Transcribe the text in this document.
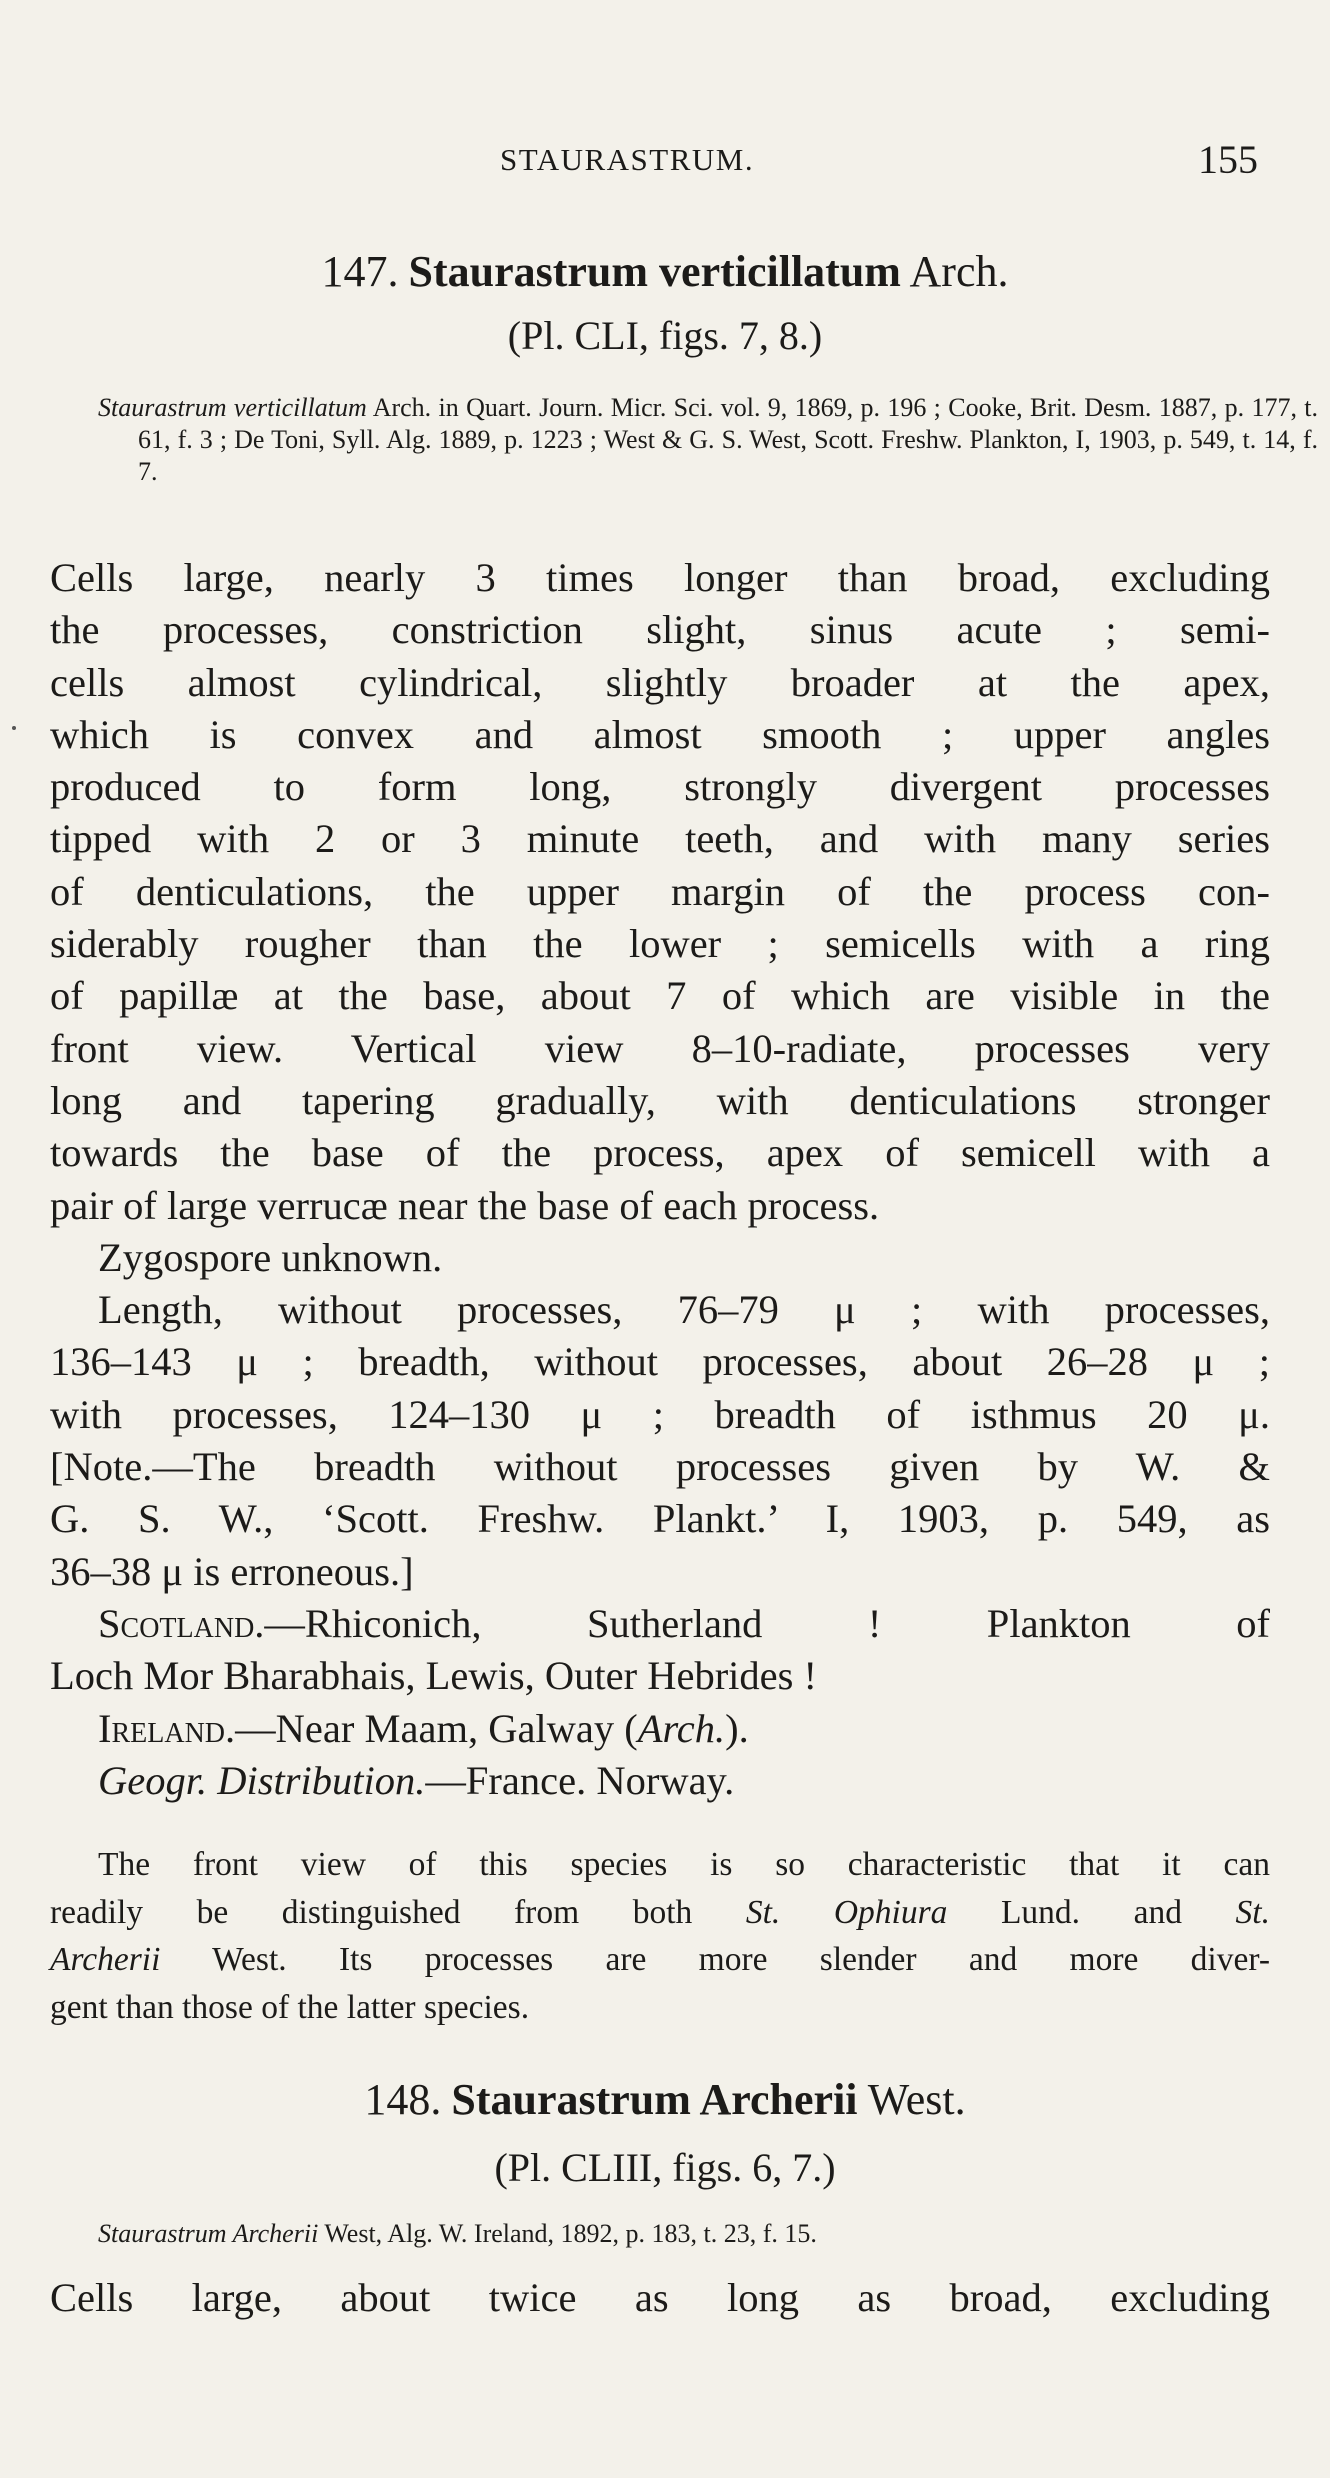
STAURASTRUM.	155
147. Staurastrum verticillatum Arch.
(Pl. CLI, figs. 7, 8.)
Staurastrum verticillatum Arch. in Quart. Journ. Micr. Sci. vol. 9, 1869, p. 196 ; Cooke, Brit. Desm. 1887, p. 177, t. 61, f. 3 ; De Toni, Syll. Alg. 1889, p. 1223 ; West & G. S. West, Scott. Freshw. Plankton, I, 1903, p. 549, t. 14, f. 7.
Cells large, nearly 3 times longer than broad, excluding
the processes, constriction slight, sinus acute ; semi-
cells almost cylindrical, slightly broader at the apex,
which is convex and almost smooth ; upper angles
produced to form long, strongly divergent processes
tipped with 2 or 3 minute teeth, and with many series
of denticulations, the upper margin of the process con-
siderably rougher than the lower ; semicells with a ring
of papillæ at the base, about 7 of which are visible in the
front view. Vertical view 8–10-radiate, processes very
long and tapering gradually, with denticulations stronger
towards the base of the process, apex of semicell with a
pair of large verrucæ near the base of each process.
Zygospore unknown.
Length, without processes, 76–79 μ ; with processes,
136–143 μ ; breadth, without processes, about 26–28 μ ;
with processes, 124–130 μ ; breadth of isthmus 20 μ.
[Note.—The breadth without processes given by W. &
G. S. W., ‘Scott. Freshw. Plankt.’ I, 1903, p. 549, as
36–38 μ is erroneous.]
Scotland.—Rhiconich, Sutherland ! Plankton of
Loch Mor Bharabhais, Lewis, Outer Hebrides !
Ireland.—Near Maam, Galway (Arch.).
Geogr. Distribution.—France. Norway.
The front view of this species is so characteristic that it can
readily be distinguished from both St. Ophiura Lund. and St.
Archerii West. Its processes are more slender and more diver-
gent than those of the latter species.
148. Staurastrum Archerii West.
(Pl. CLIII, figs. 6, 7.)
Staurastrum Archerii West, Alg. W. Ireland, 1892, p. 183, t. 23, f. 15.
Cells large, about twice as long as broad, excluding
